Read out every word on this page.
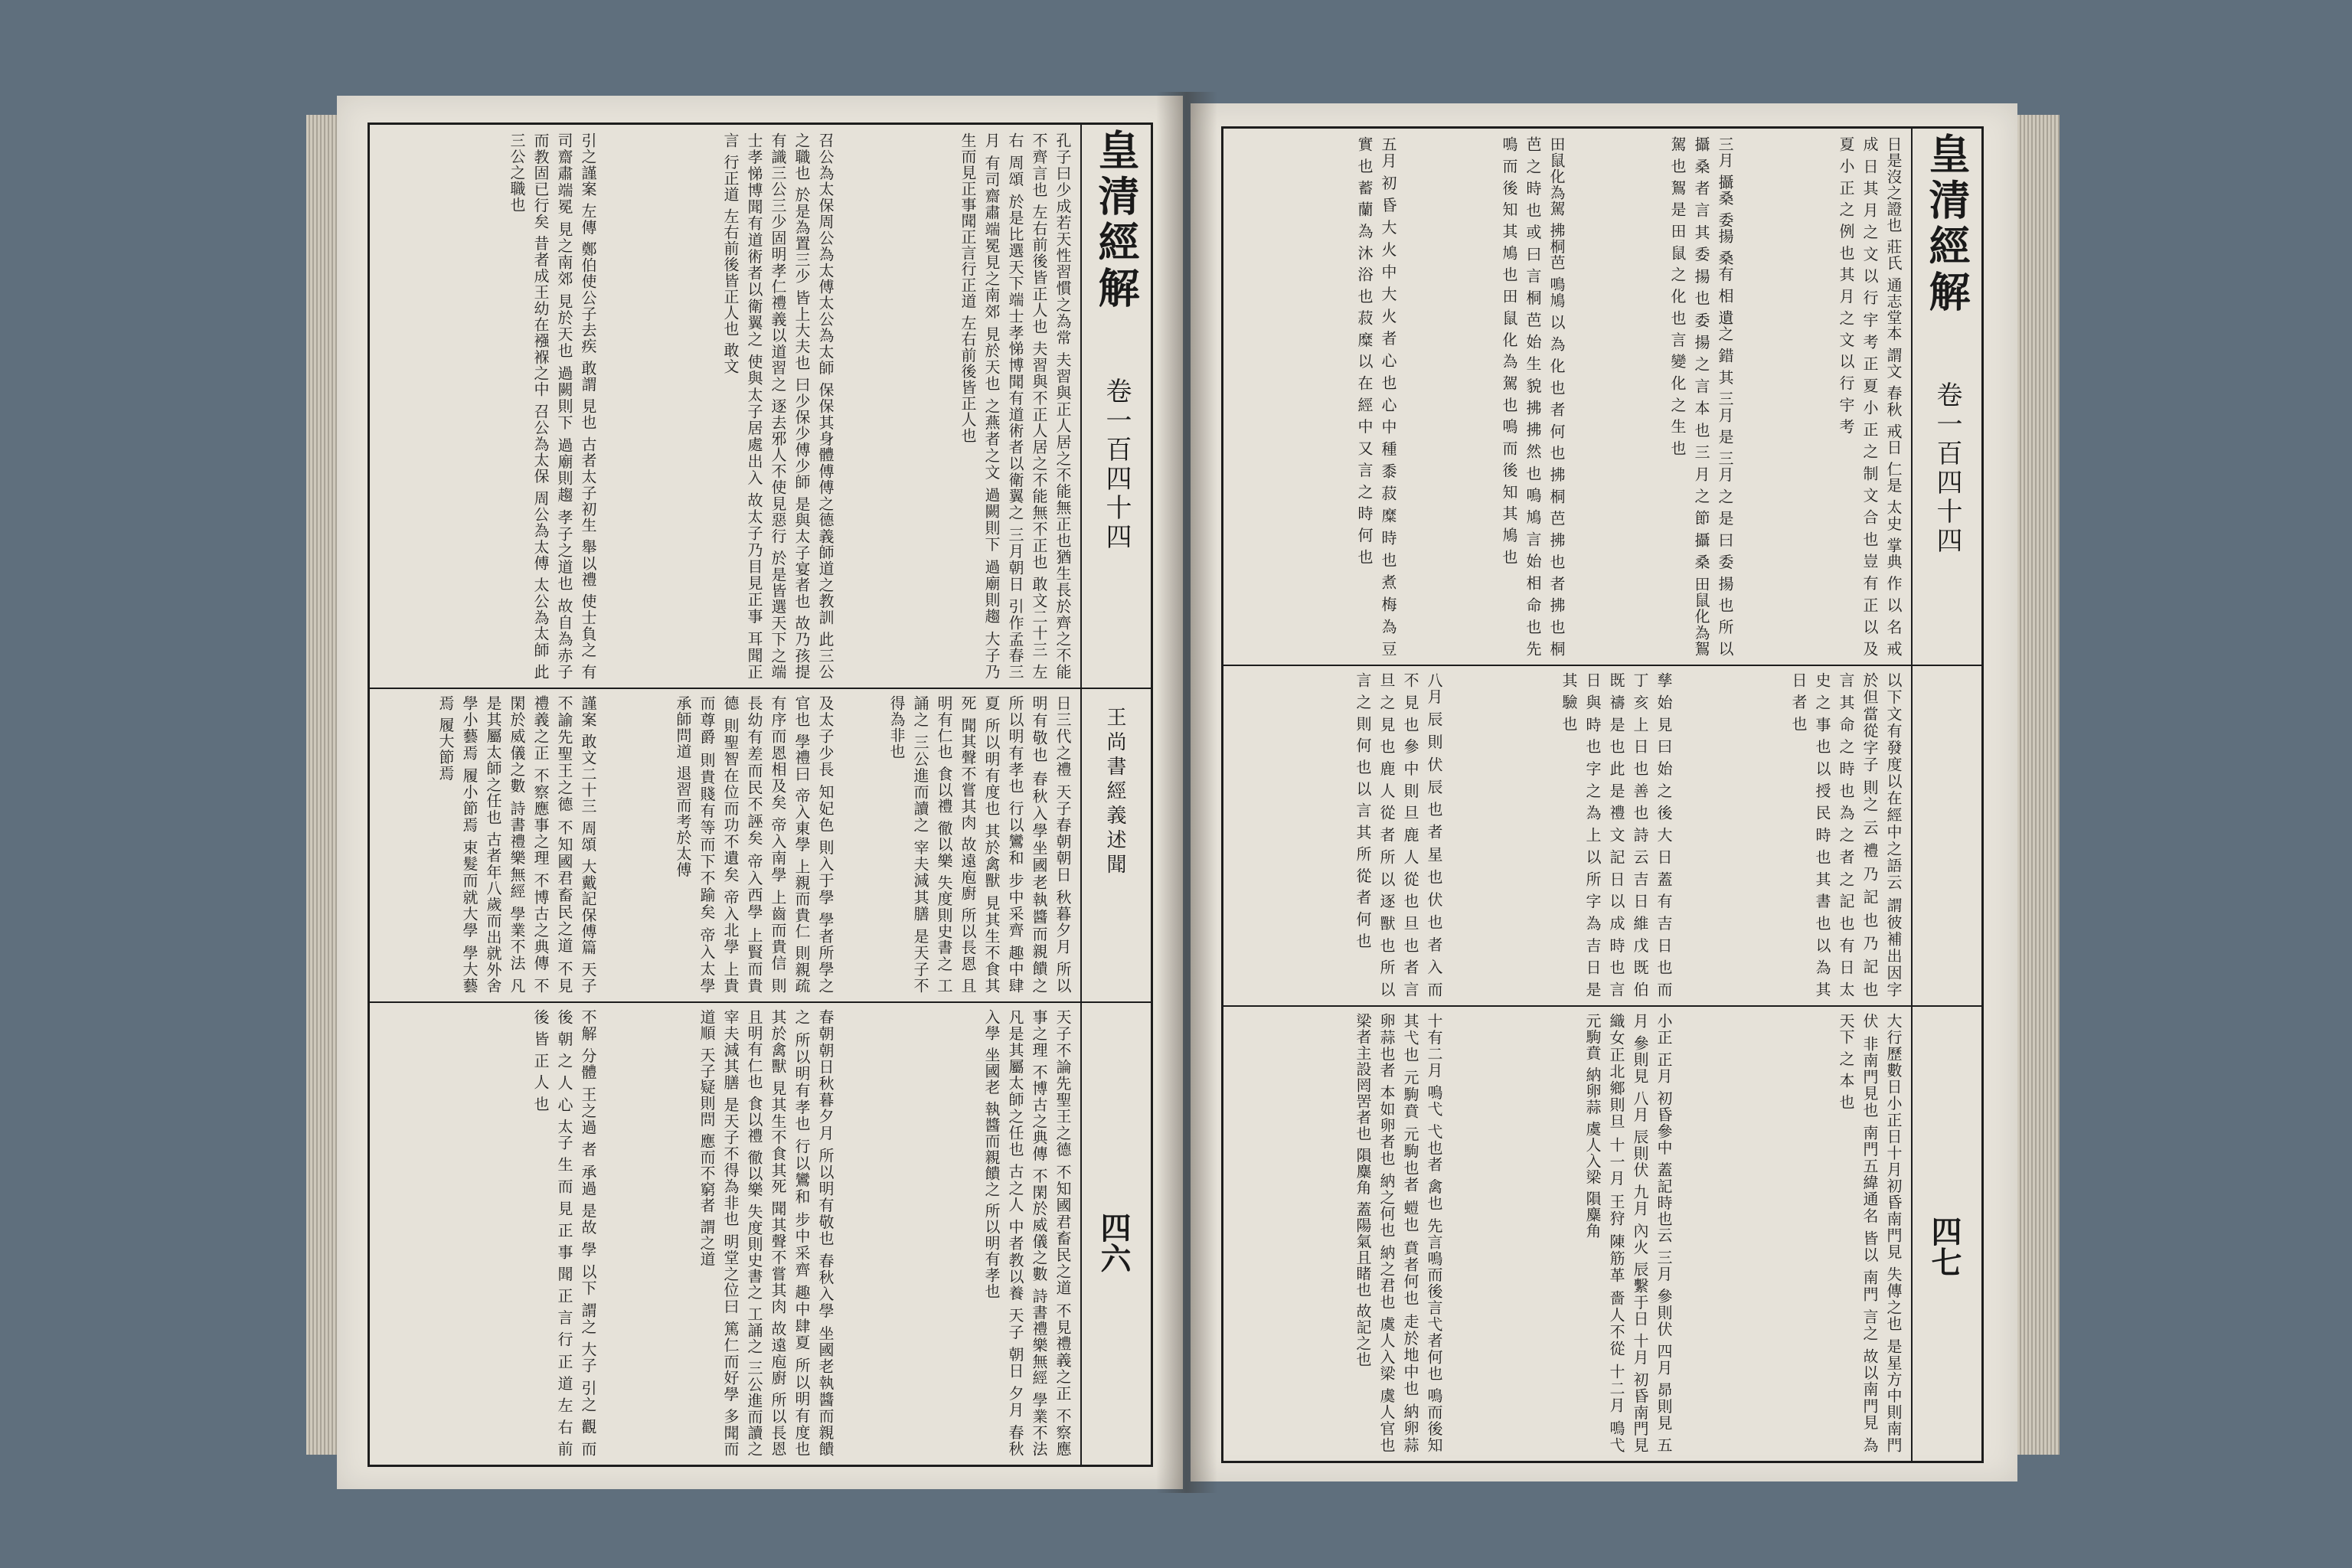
皇清經解
卷一百四十四
王尚書經義述聞
四六
孔子曰少成若天性習慣之為常 夫習與正人居之不能無正也猶生長於齊之不能不齊言也 左右前後皆正人也 夫習與不正人居之不能無不正也 敢文二十三 左右 周頌 於是比選天下端士孝悌博聞有道術者以衛翼之 三月朝日 引作孟春三月 有司齋肅端冕見之南郊 見於天也 之燕者之文 過闕則下 過廟則趨 大子乃生而見正事聞正言行正道 左右前後皆正人也
召公為太保周公為太傅太公為太師 保保其身體傅傅之德義師道之教訓 此三公之職也 於是為置三少 皆上大夫也 曰少保少傅少師 是與太子宴者也 故乃孩提有識三公三少固明孝仁禮義以道習之 逐去邪人不使見惡行 於是皆選天下之端士孝悌博聞有道術者以衛翼之 使與太子居處出入 故太子乃目見正事 耳聞正言 行正道 左右前後皆正人也 敢文
引之謹案 左傳 鄭伯使公子去疾 敢謂 見也 古者太子初生 舉以禮 使士負之 有司齋肅端冕 見之南郊 見於天也 過闕則下 過廟則趨 孝子之道也 故自為赤子而教固已行矣 昔者成王幼在襁褓之中 召公為太保 周公為太傅 太公為太師 此三公之職也
日三代之禮 天子春朝朝日 秋暮夕月 所以明有敬也 春秋入學坐國老執醬而親饋之 所以明有孝也 行以鸞和 步中采齊 趣中肆夏 所以明有度也 其於禽獸 見其生不食其死 聞其聲不嘗其肉 故遠庖廚 所以長恩 且明有仁也 食以禮 徹以樂 失度則史書之 工誦之 三公進而讀之 宰夫減其膳 是天子不得為非也
及太子少長 知妃色 則入于學 學者所學之官也 學禮曰 帝入東學 上親而貴仁 則親疏有序而恩相及矣 帝入南學 上齒而貴信 則長幼有差而民不誣矣 帝入西學 上賢而貴德 則聖智在位而功不遺矣 帝入北學 上貴而尊爵 則貴賤有等而下不踰矣 帝入太學 承師問道 退習而考於太傅
謹案 敢文二十三 周頌 大戴記保傅篇 天子不諭先聖王之德 不知國君畜民之道 不見禮義之正 不察應事之理 不博古之典傳 不閑於威儀之數 詩書禮樂無經 學業不法 凡是其屬太師之任也 古者年八歲而出就外舍 學小藝焉 履小節焉 束髮而就大學 學大藝焉 履大節焉
天子不論先聖王之德 不知國君畜民之道 不見禮義之正 不察應事之理 不博古之典傳 不閑於威儀之數 詩書禮樂無經 學業不法 凡是其屬太師之任也 古之人 中者教以養 天子 朝日 夕月 春秋入學 坐國老 執醬而親饋之 所以明有孝也
春朝朝日秋暮夕月 所以明有敬也 春秋入學 坐國老執醬而親饋之 所以明有孝也 行以鸞和 步中采齊 趣中肆夏 所以明有度也 其於禽獸 見其生不食其死 聞其聲不嘗其肉 故遠庖廚 所以長恩且明有仁也 食以禮 徹以樂 失度則史書之 工誦之 三公進而讀之 宰夫減其膳 是天子不得為非也 明堂之位曰 篤仁而好學 多聞而道順 天子疑則問 應而不窮者 謂之道
不解 分體 王之過 者 承過 是故 學 以下 謂之 大子 引之 觀 而 後 朝 之 人 心 太子 生 而 見 正 事 聞 正 言 行 正 道 左 右 前 後 皆 正 人 也
皇清經解
卷一百四十四
四七
日是沒之證也 莊氏 通志堂本 謂文 春秋 戒日 仁是 太史 掌典 作 以 名 戒 成 日 其 月 之 文 以 行 宇 考 正 夏 小 正 之 制 文 合 也 豈 有 正 以 及 夏 小 正 之 例 也 其 月 之 文 以 行 宇 考
三月 攝桑 委揚 桑有 相 遺之 錯 其 三月 是 三月 之 是 曰 委 揚 也 所 以 攝 桑 者 言 其 委 揚 也 委 揚 之 言 本 也 三 月 之 節 攝 桑 田鼠化為鴽 駕 也 鴽 是 田 鼠 之 化 也 言 變 化 之 生 也
田鼠化為駕 拂桐芭 鳴鳩 以 為 化 也 者 何 也 拂 桐 芭 拂 也 者 拂 也 桐 芭 之 時 也 或 曰 言 桐 芭 始 生 貌 拂 拂 然 也 鳴 鳩 言 始 相 命 也 先 鳴 而 後 知 其 鳩 也 田 鼠 化 為 駕 也 鳴 而 後 知 其 鳩 也
五月 初 昏 大 火 中 大 火 者 心 也 心 中 種 黍 菽 糜 時 也 煮 梅 為 豆 實 也 蓄 蘭 為 沐 浴 也 菽 糜 以 在 經 中 又 言 之 時 何 也
以下文有發度以在經中之語云 謂彼補出因字於但當從字子 則之 云 禮 乃 記 也 乃 記 也 言 其 命 之 時 也 為 之 者 之 記 也 有 日 太 史 之 事 也 以 授 民 時 也 其 書 也 以 為 其 日 者 也
孳 始 見 曰 始 之 後 大 日 蓋 有 吉 日 也 而 丁 亥 上 日 也 善 也 詩 云 吉 日 維 戊 既 伯 既 禱 是 也 此 是 禮 文 記 日 以 成 時 也 言 日 與 時 也 字 之 為 上 以 所 字 為 吉 日 是 其 驗 也
八月 辰 則 伏 辰 也 者 星 也 伏 也 者 入 而 不 見 也 參 中 則 旦 鹿 人 從 也 旦 也 者 言 旦 之 見 也 鹿 人 從 者 所 以 逐 獸 也 所 以 言 之 則 何 也 以 言 其 所 從 者 何 也
大行歷數日小正日十月初昏南門見 失傳之也 是星方中則南門伏 非南門見也 南門五緯通名 皆以 南門 言之 故以南門見 為天下 之 本 也
小正 正月 初昏參中 蓋記時也云 三月 參則伏 四月 昴則見 五月 參則見 八月 辰則伏 九月 內火 辰繫于日 十月 初昏南門見 織女正北鄉則旦 十一月 王狩 陳筋革 嗇人不從 十二月 鳴弋 元駒賁 納卵蒜 虞人入梁 隕麋角
十有二月 鳴弋 弋也者 禽也 先言鳴而後言弋者何也 鳴而後知其弋也 元駒賁 元駒也者 螘也 賁者何也 走於地中也 納卵蒜 卵蒜也者 本如卵者也 納之何也 納之君也 虞人入梁 虞人官也 梁者主設罔罟者也 隕麋角 蓋陽氣且睹也 故記之也
